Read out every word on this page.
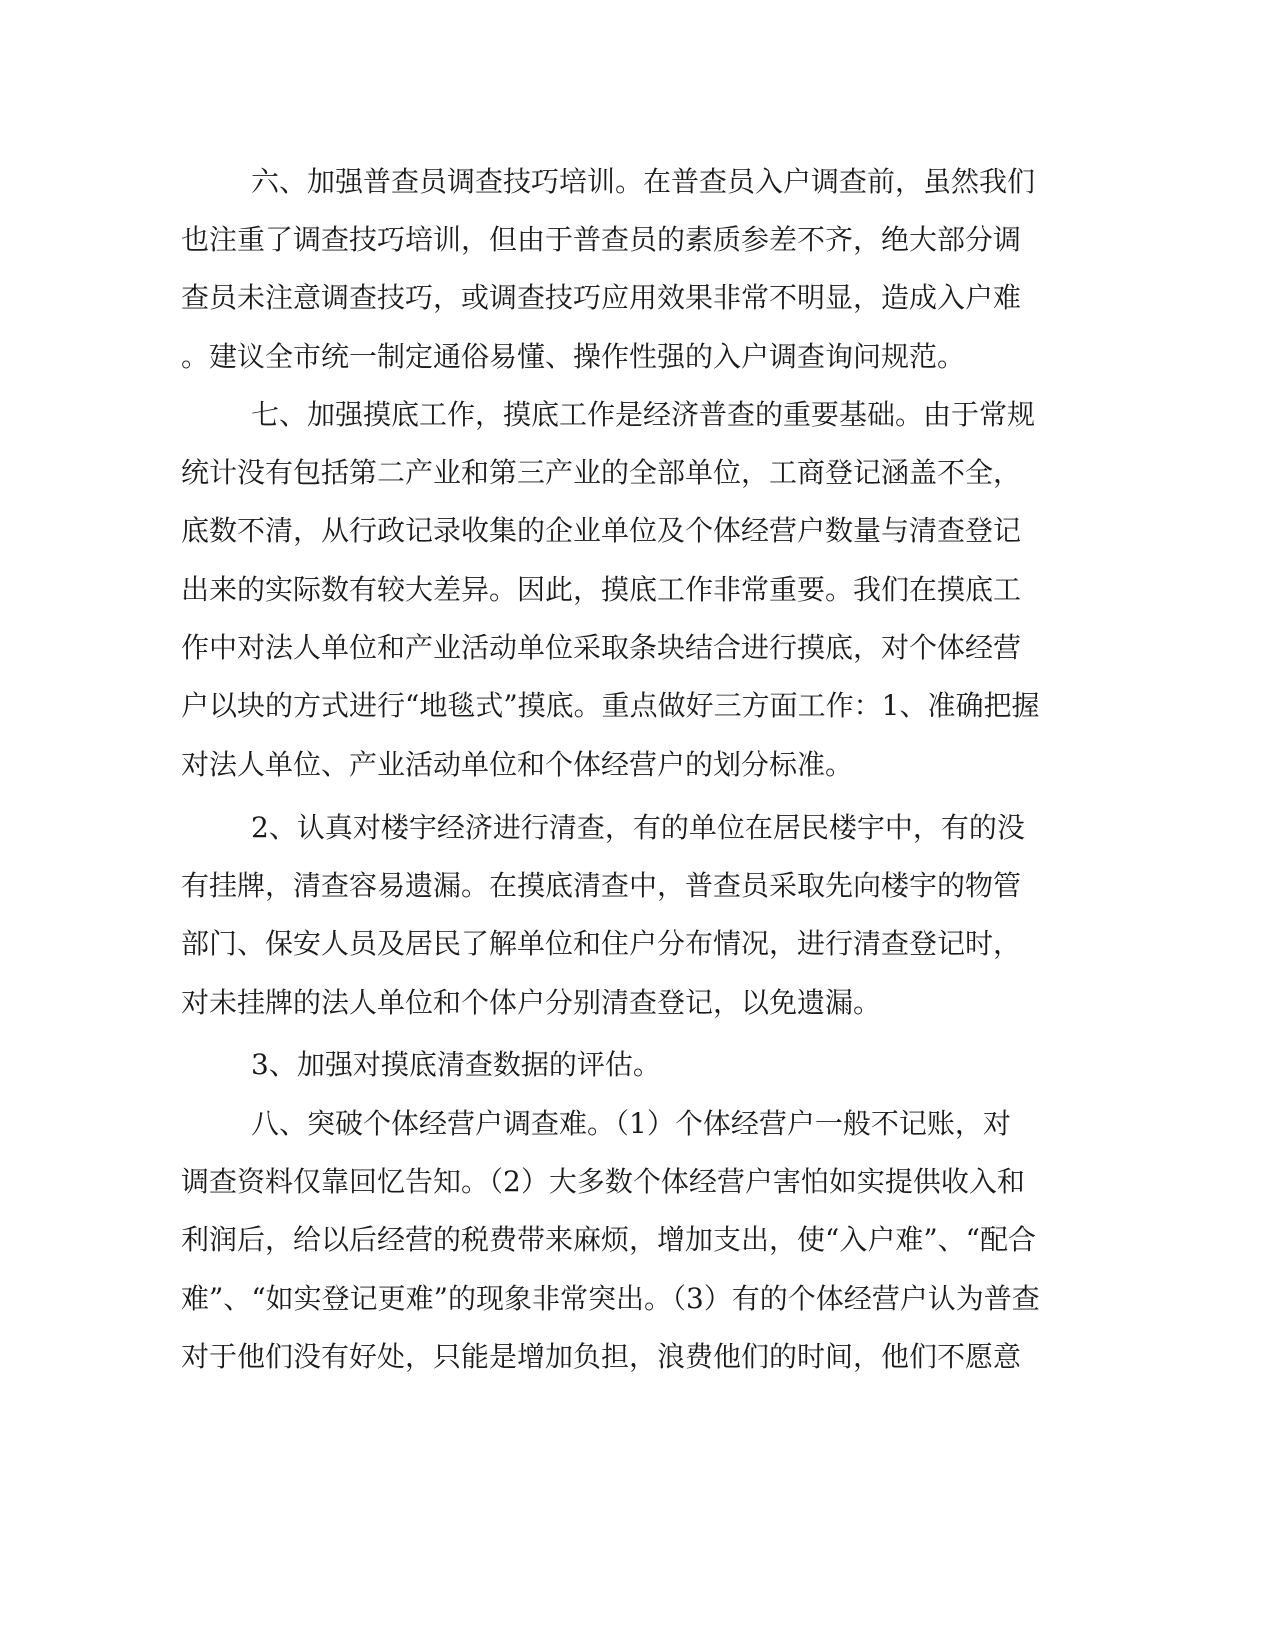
六、加强普查员调查技巧培训。在普查员入户调查前，虽然我们
也注重了调查技巧培训，但由于普查员的素质参差不齐，绝大部分调
查员未注意调查技巧，或调查技巧应用效果非常不明显，造成入户难
。建议全市统一制定通俗易懂、操作性强的入户调查询问规范。
七、加强摸底工作，摸底工作是经济普查的重要基础。由于常规
统计没有包括第二产业和第三产业的全部单位，工商登记涵盖不全，
底数不清，从行政记录收集的企业单位及个体经营户数量与清查登记
出来的实际数有较大差异。因此，摸底工作非常重要。我们在摸底工
作中对法人单位和产业活动单位采取条块结合进行摸底，对个体经营
户以块的方式进行“地毯式”摸底。重点做好三方面工作：1、准确把握
对法人单位、产业活动单位和个体经营户的划分标准。
2、认真对楼宇经济进行清查，有的单位在居民楼宇中，有的没
有挂牌，清查容易遗漏。在摸底清查中，普查员采取先向楼宇的物管
部门、保安人员及居民了解单位和住户分布情况，进行清查登记时，
对未挂牌的法人单位和个体户分别清查登记，以免遗漏。
3、加强对摸底清查数据的评估。
八、突破个体经营户调查难。（1）个体经营户一般不记账，对
调查资料仅靠回忆告知。（2）大多数个体经营户害怕如实提供收入和
利润后，给以后经营的税费带来麻烦，增加支出，使“入户难”、“配合
难”、“如实登记更难”的现象非常突出。（3）有的个体经营户认为普查
对于他们没有好处，只能是增加负担，浪费他们的时间，他们不愿意
